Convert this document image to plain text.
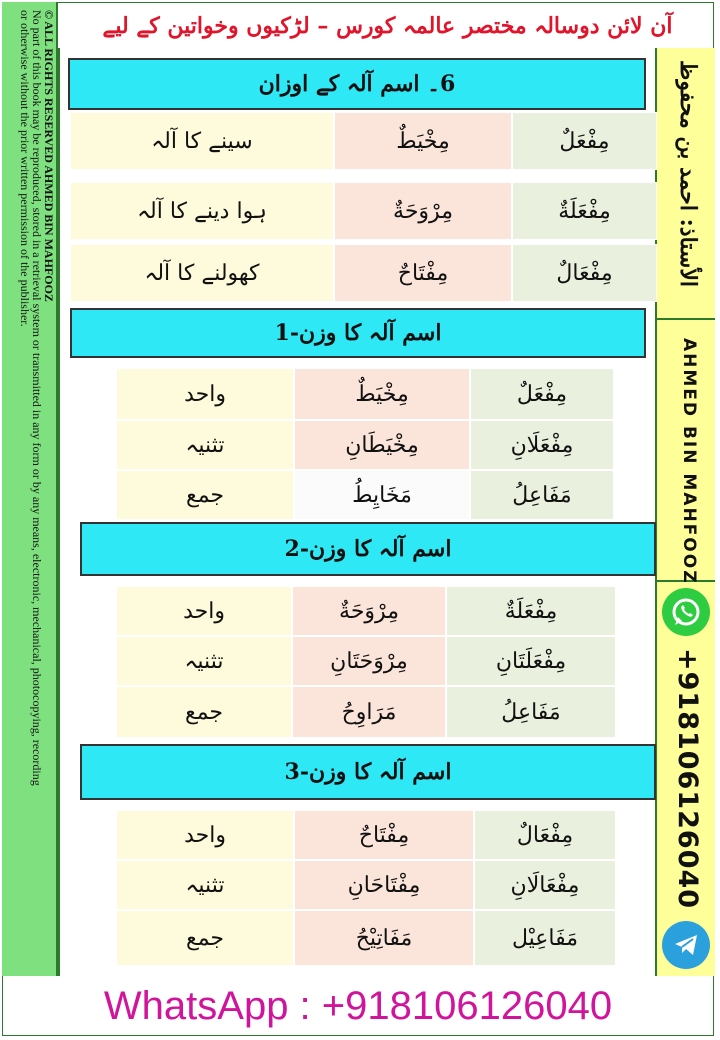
آن لائن دوسالہ مختصر عالمہ کورس – لڑکیوں وخواتین کے لیے
© ALL RIGHTS RESERVED AHMED BIN MAHFOOZ
No part of this book may be reproduced, stored in a retrieval system or transmitted in any form or by any means, electronic, mechanical, photocopying, recording
or otherwise without the prior written permission of the publisher.	الأستاذ: احمد بن محفوظ
AHMED BIN MAHFOOZ
+918106126040
6۔ اسم آلہ کے اوزان
سینے کا آلہ	مِخْيَطٌ	مِفْعَلٌ
ہوا دینے کا آلہ	مِرْوَحَةٌ	مِفْعَلَةٌ
کھولنے کا آلہ	مِفْتَاحٌ	مِفْعَالٌ
اسم آلہ کا وزن-1
واحد	مِخْيَطٌ	مِفْعَلٌ
تثنیہ	مِخْيَطَانِ	مِفْعَلَانِ
جمع	مَخَايِطُ	مَفَاعِلُ
اسم آلہ کا وزن-2
واحد	مِرْوَحَةٌ	مِفْعَلَةٌ
تثنیہ	مِرْوَحَتَانِ	مِفْعَلَتَانِ
جمع	مَرَاوِحُ	مَفَاعِلُ
اسم آلہ کا وزن-3
واحد	مِفْتَاحٌ	مِفْعَالٌ
تثنیہ	مِفْتَاحَانِ	مِفْعَالَانِ
جمع	مَفَاتِيْحُ	مَفَاعِيْل
WhatsApp : +918106126040
